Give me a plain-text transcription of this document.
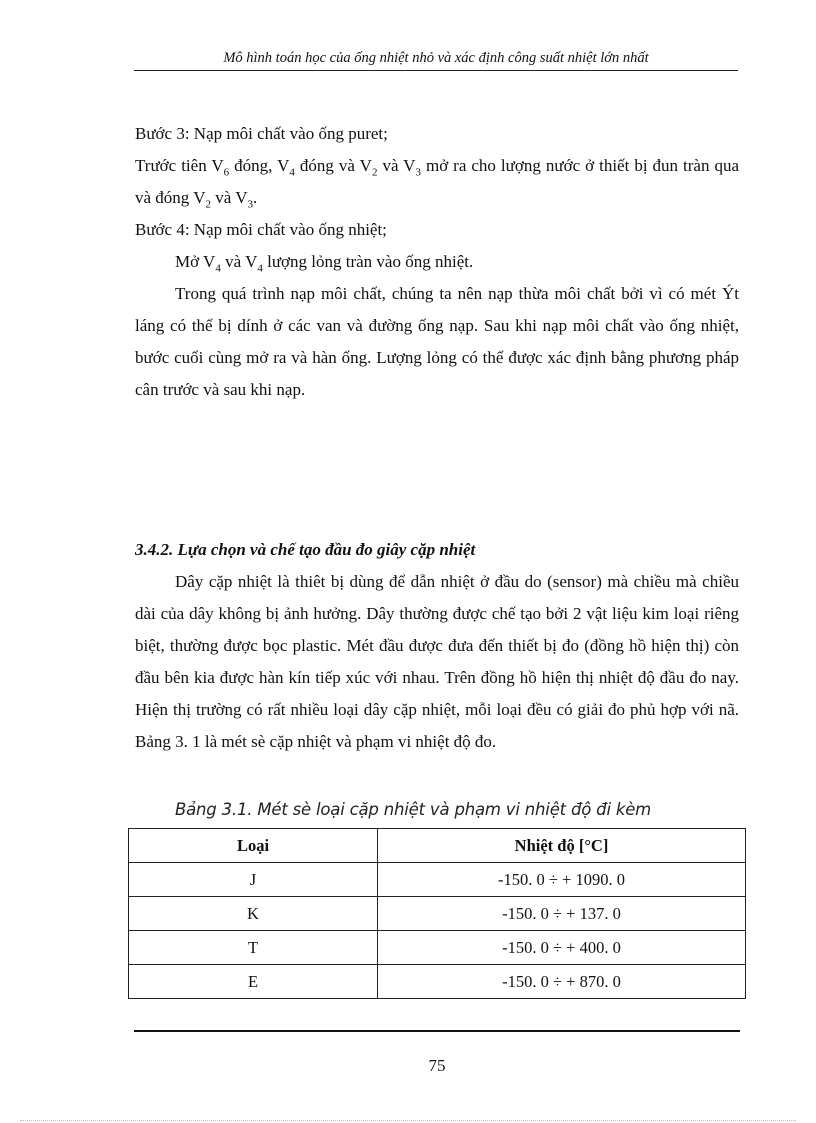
Mô hình toán học của ống nhiệt nhỏ và xác định công suất nhiệt lớn nhất

Bước 3: Nạp môi chất vào ống puret;

Trước tiên $V_6$ đóng, $V_4$ đóng và $V_2$ và $V_3$ mở ra cho lượng nước ở thiết bị đun tràn qua và đóng $V_2$ và $V_3$.

Bước 4: Nạp môi chất vào ống nhiệt;

Mở $V_4$ và $V_4$ lượng lỏng tràn vào ống nhiệt.

Trong quá trình nạp môi chất, chúng ta nên nạp thừa môi chất bởi vì có mét Ýt láng có thể bị dính ở các van và đường ống nạp. Sau khi nạp môi chất vào ống nhiệt, bước cuối cùng mở ra và hàn ống. Lượng lỏng có thể được xác định bằng phương pháp cân trước và sau khi nạp.

3.4.2. Lựa chọn và chế tạo đầu đo giây cặp nhiệt

Dây cặp nhiệt là thiêt bị dùng để dẫn nhiệt ở đầu do (sensor) mà chiều mà chiều dài của dây không bị ảnh hưởng. Dây thường được chế tạo bởi 2 vật liệu kim loại riêng biệt, thường được bọc plastic. Mét đầu được đưa đến thiết bị đo (đồng hồ hiện thị) còn đầu bên kia được hàn kín tiếp xúc với nhau. Trên đồng hồ hiện thị nhiệt độ đầu đo nay. Hiện thị trường có rất nhiều loại dây cặp nhiệt, mỗi loại đều có giải đo phủ hợp với nã. Bảng 3. 1 là mét sè cặp nhiệt và phạm vi nhiệt độ đo.

Bảng 3.1. Mét sè loại cặp nhiệt và phạm vi nhiệt độ đi kèm
Loại	Nhiệt độ [°C]
J	-150. 0 ÷ + 1090. 0
K	-150. 0 ÷ + 137. 0
T	-150. 0 ÷ + 400. 0
E	-150. 0 ÷ + 870. 0
75
